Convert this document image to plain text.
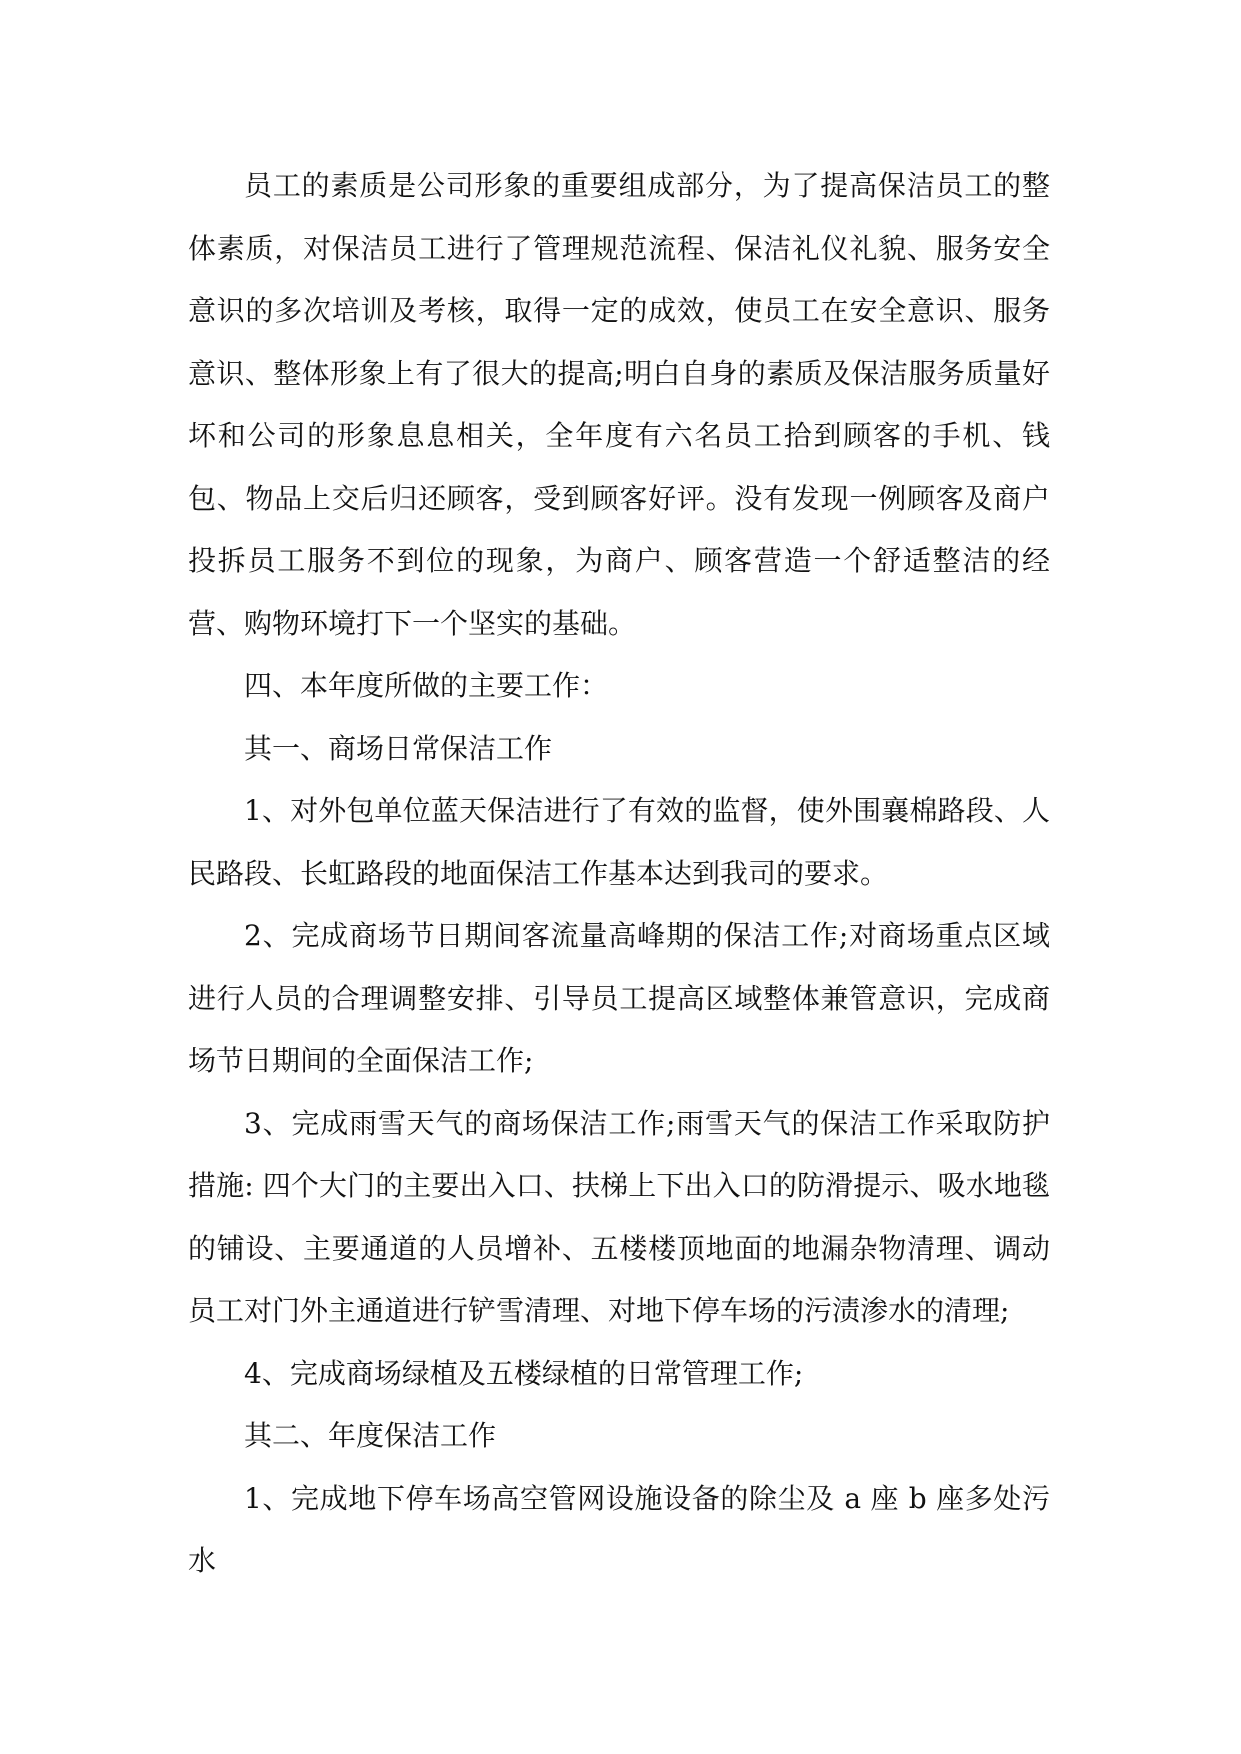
员工的素质是公司形象的重要组成部分，为了提高保洁员工的整体素质，对保洁员工进行了管理规范流程、保洁礼仪礼貌、服务安全意识的多次培训及考核，取得一定的成效，使员工在安全意识、服务意识、整体形象上有了很大的提高;明白自身的素质及保洁服务质量好坏和公司的形象息息相关，全年度有六名员工拾到顾客的手机、钱包、物品上交后归还顾客，受到顾客好评。没有发现一例顾客及商户投拆员工服务不到位的现象，为商户、顾客营造一个舒适整洁的经营、购物环境打下一个坚实的基础。

四、本年度所做的主要工作：

其一、商场日常保洁工作

1、对外包单位蓝天保洁进行了有效的监督，使外围襄棉路段、人民路段、长虹路段的地面保洁工作基本达到我司的要求。

2、完成商场节日期间客流量高峰期的保洁工作;对商场重点区域进行人员的合理调整安排、引导员工提高区域整体兼管意识，完成商场节日期间的全面保洁工作;

3、完成雨雪天气的商场保洁工作;雨雪天气的保洁工作采取防护措施: 四个大门的主要出入口、扶梯上下出入口的防滑提示、吸水地毯的铺设、主要通道的人员增补、五楼楼顶地面的地漏杂物清理、调动员工对门外主通道进行铲雪清理、对地下停车场的污渍渗水的清理;

4、完成商场绿植及五楼绿植的日常管理工作;

其二、年度保洁工作

1、完成地下停车场高空管网设施设备的除尘及 a 座 b 座多处污水
